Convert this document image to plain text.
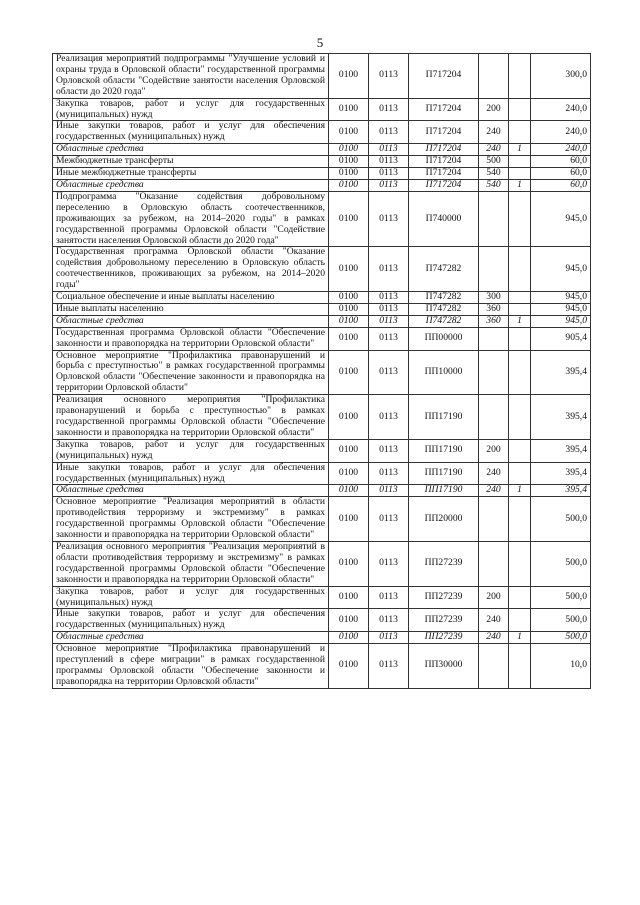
5
Реализация мероприятий подпрограммы "Улучшение условий и охраны труда в Орловской области" государственной программы Орловской области "Содействие занятости населения Орловской области до 2020 года"	0100	0113	П717204			300,0
Закупка товаров, работ и услуг для государственных (муниципальных) нужд	0100	0113	П717204	200		240,0
Иные закупки товаров, работ и услуг для обеспечения государственных (муниципальных) нужд	0100	0113	П717204	240		240,0
Областные средства	0100	0113	П717204	240	1	240,0
Межбюджетные трансферты	0100	0113	П717204	500		60,0
Иные межбюджетные трансферты	0100	0113	П717204	540		60,0
Областные средства	0100	0113	П717204	540	1	60,0
Подпрограмма "Оказание содействия добровольному переселению в Орловскую область соотечественников, проживающих за рубежом, на 2014–2020 годы" в рамках государственной программы Орловской области "Содействие занятости населения Орловской области до 2020 года"	0100	0113	П740000			945,0
Государственная программа Орловской области "Оказание содействия добровольному переселению в Орловскую область соотечественников, проживающих за рубежом, на 2014–2020 годы"	0100	0113	П747282			945,0
Социальное обеспечение и иные выплаты населению	0100	0113	П747282	300		945,0
Иные выплаты населению	0100	0113	П747282	360		945,0
Областные средства	0100	0113	П747282	360	1	945,0
Государственная программа Орловской области "Обеспечение законности и правопорядка на территории Орловской области"	0100	0113	ПП00000			905,4
Основное мероприятие "Профилактика правонарушений и борьба с преступностью" в рамках государственной программы Орловской области "Обеспечение законности и правопорядка на территории Орловской области"	0100	0113	ПП10000			395,4
Реализация основного мероприятия "Профилактика правонарушений и борьба с преступностью" в рамках государственной программы Орловской области "Обеспечение законности и правопорядка на территории Орловской области"	0100	0113	ПП17190			395,4
Закупка товаров, работ и услуг для государственных (муниципальных) нужд	0100	0113	ПП17190	200		395,4
Иные закупки товаров, работ и услуг для обеспечения государственных (муниципальных) нужд	0100	0113	ПП17190	240		395,4
Областные средства	0100	0113	ПП17190	240	1	395,4
Основное мероприятие "Реализация мероприятий в области противодействия терроризму и экстремизму" в рамках государственной программы Орловской области "Обеспечение законности и правопорядка на территории Орловской области"	0100	0113	ПП20000			500,0
Реализация основного мероприятия "Реализация мероприятий в области противодействия терроризму и экстремизму" в рамках государственной программы Орловской области "Обеспечение законности и правопорядка на территории Орловской области"	0100	0113	ПП27239			500,0
Закупка товаров, работ и услуг для государственных (муниципальных) нужд	0100	0113	ПП27239	200		500,0
Иные закупки товаров, работ и услуг для обеспечения государственных (муниципальных) нужд	0100	0113	ПП27239	240		500,0
Областные средства	0100	0113	ПП27239	240	1	500,0
Основное мероприятие "Профилактика правонарушений и преступлений в сфере миграции" в рамках государственной программы Орловской области "Обеспечение законности и правопорядка на территории Орловской области"	0100	0113	ПП30000			10,0
